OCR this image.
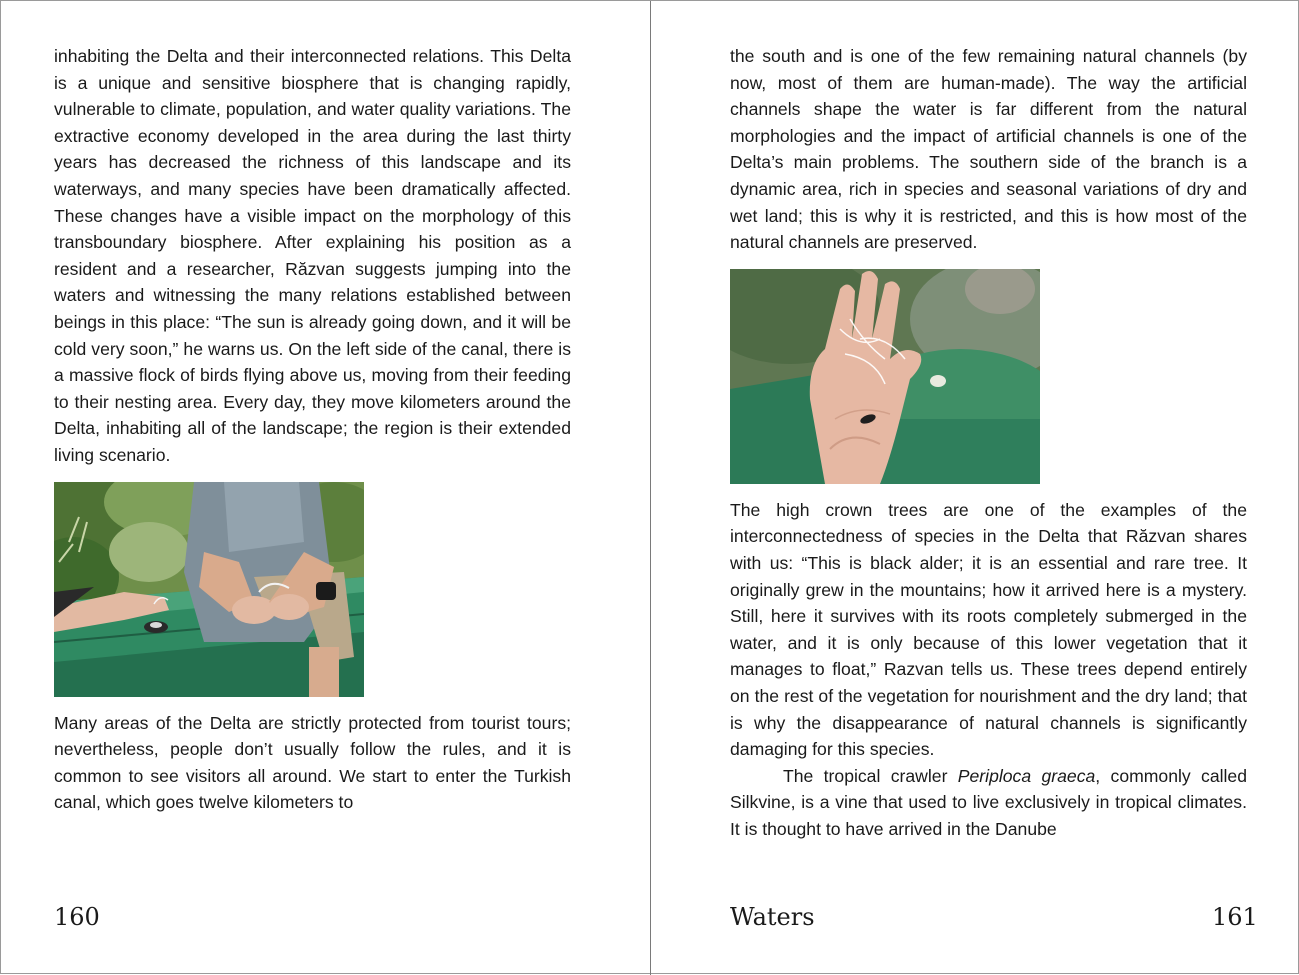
inhabiting the Delta and their interconnected relations. This Delta is a unique and sensitive biosphere that is changing rapidly, vulnerable to climate, population, and water quality variations. The extractive economy developed in the area during the last thirty years has decreased the richness of this landscape and its waterways, and many species have been dramatically affected. These changes have a visible impact on the morphology of this transboundary biosphere. After explaining his position as a resident and a researcher, Răzvan suggests jumping into the waters and witnessing the many relations established between beings in this place: “The sun is already going down, and it will be cold very soon,” he warns us. On the left side of the canal, there is a massive flock of birds flying above us, moving from their feeding to their nesting area. Every day, they move kilometers around the Delta, inhabiting all of the landscape; the region is their extended living scenario.

Many areas of the Delta are strictly protected from tourist tours; nevertheless, people don’t usually follow the rules, and it is common to see visitors all around. We start to enter the Turkish canal, which goes twelve kilometers to

160

the south and is one of the few remaining natural channels (by now, most of them are human-made). The way the artificial channels shape the water is far different from the natural morphologies and the impact of artificial channels is one of the Delta’s main problems. The southern side of the branch is a dynamic area, rich in species and seasonal variations of dry and wet land; this is why it is restricted, and this is how most of the natural channels are preserved.

The high crown trees are one of the examples of the interconnectedness of species in the Delta that Răzvan shares with us: “This is black alder; it is an essential and rare tree. It originally grew in the mountains; how it arrived here is a mystery. Still, here it survives with its roots completely submerged in the water, and it is only because of this lower vegetation that it manages to float,” Razvan tells us. These trees depend entirely on the rest of the vegetation for nourishment and the dry land; that is why the disappearance of natural channels is significantly damaging for this species.

The tropical crawler Periploca graeca, commonly called Silkvine, is a vine that used to live exclusively in tropical climates. It is thought to have arrived in the Danube

Waters	161
